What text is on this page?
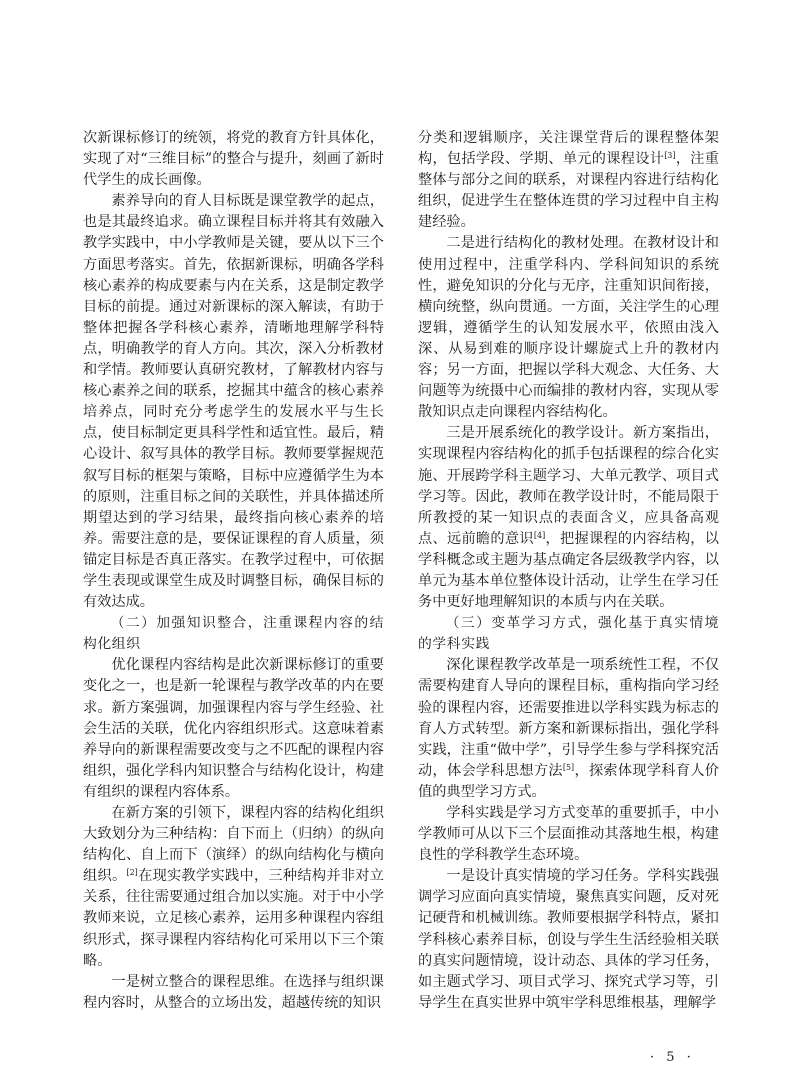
次新课标修订的统领，将党的教育方针具体化，实现了对“三维目标”的整合与提升，刻画了新时代学生的成长画像。

素养导向的育人目标既是课堂教学的起点，也是其最终追求。确立课程目标并将其有效融入教学实践中，中小学教师是关键，要从以下三个方面思考落实。首先，依据新课标，明确各学科核心素养的构成要素与内在关系，这是制定教学目标的前提。通过对新课标的深入解读，有助于整体把握各学科核心素养，清晰地理解学科特点，明确教学的育人方向。其次，深入分析教材和学情。教师要认真研究教材，了解教材内容与核心素养之间的联系，挖掘其中蕴含的核心素养培养点，同时充分考虑学生的发展水平与生长点，使目标制定更具科学性和适宜性。最后，精心设计、叙写具体的教学目标。教师要掌握规范叙写目标的框架与策略，目标中应遵循学生为本的原则，注重目标之间的关联性，并具体描述所期望达到的学习结果，最终指向核心素养的培养。需要注意的是，要保证课程的育人质量，须锚定目标是否真正落实。在教学过程中，可依据学生表现或课堂生成及时调整目标，确保目标的有效达成。

（二）加强知识整合，注重课程内容的结构化组织

优化课程内容结构是此次新课标修订的重要变化之一，也是新一轮课程与教学改革的内在要求。新方案强调，加强课程内容与学生经验、社会生活的关联，优化内容组织形式。这意味着素养导向的新课程需要改变与之不匹配的课程内容组织，强化学科内知识整合与结构化设计，构建有组织的课程内容体系。

在新方案的引领下，课程内容的结构化组织大致划分为三种结构：自下而上（归纳）的纵向结构化、自上而下（演绎）的纵向结构化与横向组织。[2]在现实教学实践中，三种结构并非对立关系，往往需要通过组合加以实施。对于中小学教师来说，立足核心素养，运用多种课程内容组织形式，探寻课程内容结构化可采用以下三个策略。

一是树立整合的课程思维。在选择与组织课程内容时，从整合的立场出发，超越传统的知识

分类和逻辑顺序，关注课堂背后的课程整体架构，包括学段、学期、单元的课程设计[3]，注重整体与部分之间的联系，对课程内容进行结构化组织，促进学生在整体连贯的学习过程中自主构建经验。

二是进行结构化的教材处理。在教材设计和使用过程中，注重学科内、学科间知识的系统性，避免知识的分化与无序，注重知识间衔接，横向统整，纵向贯通。一方面，关注学生的心理逻辑，遵循学生的认知发展水平，依照由浅入深、从易到难的顺序设计螺旋式上升的教材内容；另一方面，把握以学科大观念、大任务、大问题等为统摄中心而编排的教材内容，实现从零散知识点走向课程内容结构化。

三是开展系统化的教学设计。新方案指出，实现课程内容结构化的抓手包括课程的综合化实施、开展跨学科主题学习、大单元教学、项目式学习等。因此，教师在教学设计时，不能局限于所教授的某一知识点的表面含义，应具备高观点、远前瞻的意识[4]，把握课程的内容结构，以学科概念或主题为基点确定各层级教学内容，以单元为基本单位整体设计活动，让学生在学习任务中更好地理解知识的本质与内在关联。

（三）变革学习方式，强化基于真实情境的学科实践

深化课程教学改革是一项系统性工程，不仅需要构建育人导向的课程目标，重构指向学习经验的课程内容，还需要推进以学科实践为标志的育人方式转型。新方案和新课标指出，强化学科实践，注重“做中学”，引导学生参与学科探究活动，体会学科思想方法[5]，探索体现学科育人价值的典型学习方式。

学科实践是学习方式变革的重要抓手，中小学教师可从以下三个层面推动其落地生根，构建良性的学科教学生态环境。

一是设计真实情境的学习任务。学科实践强调学习应面向真实情境，聚焦真实问题，反对死记硬背和机械训练。教师要根据学科特点，紧扣学科核心素养目标，创设与学生生活经验相关联的真实问题情境，设计动态、具体的学习任务，如主题式学习、项目式学习、探究式学习等，引导学生在真实世界中筑牢学科思维根基，理解学

· 5 ·
